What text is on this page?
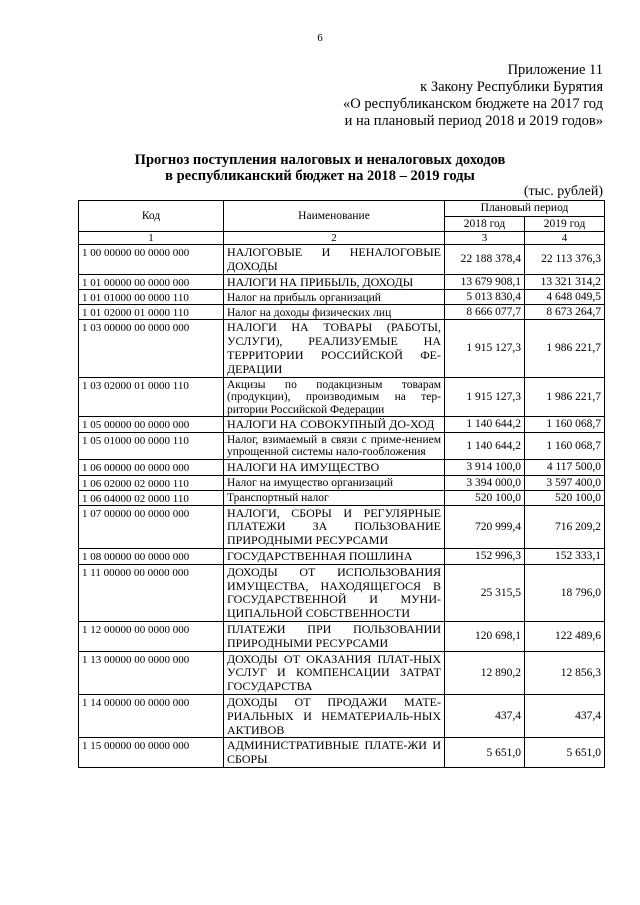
6
Приложение 11
к Закону Республики Бурятия
«О республиканском бюджете на 2017 год
и на плановый период 2018 и 2019 годов»
Прогноз поступления налоговых и неналоговых доходов
в республиканский бюджет на 2018 – 2019 годы
(тыс. рублей)
Код	Наименование	Плановый период	
		2018 год	2019 год
1	2	3	4
1 00 00000 00 0000 000	НАЛОГОВЫЕ И НЕНАЛОГОВЫЕ ДОХОДЫ	22 188 378,4	22 113 376,3
1 01 00000 00 0000 000	НАЛОГИ НА ПРИБЫЛЬ, ДОХОДЫ	13 679 908,1	13 321 314,2
1 01 01000 00 0000 110	Налог на прибыль организаций	5 013 830,4	4 648 049,5
1 01 02000 01 0000 110	Налог на доходы физических лиц	8 666 077,7	8 673 264,7
1 03 00000 00 0000 000	НАЛОГИ НА ТОВАРЫ (РАБОТЫ, УСЛУГИ), РЕАЛИЗУЕМЫЕ НА ТЕРРИТОРИИ РОССИЙСКОЙ ФЕ-ДЕРАЦИИ	1 915 127,3	1 986 221,7
1 03 02000 01 0000 110	Акцизы по подакцизным товарам (продукции), производимым на тер-ритории Российской Федерации	1 915 127,3	1 986 221,7
1 05 00000 00 0000 000	НАЛОГИ НА СОВОКУПНЫЙ ДО-ХОД	1 140 644,2	1 160 068,7
1 05 01000 00 0000 110	Налог, взимаемый в связи с приме-нением упрощенной системы нало-гообложения	1 140 644,2	1 160 068,7
1 06 00000 00 0000 000	НАЛОГИ НА ИМУЩЕСТВО	3 914 100,0	4 117 500,0
1 06 02000 02 0000 110	Налог на имущество организаций	3 394 000,0	3 597 400,0
1 06 04000 02 0000 110	Транспортный налог	520 100,0	520 100,0
1 07 00000 00 0000 000	НАЛОГИ, СБОРЫ И РЕГУЛЯРНЫЕ ПЛАТЕЖИ ЗА ПОЛЬЗОВАНИЕ ПРИРОДНЫМИ РЕСУРСАМИ	720 999,4	716 209,2
1 08 00000 00 0000 000	ГОСУДАРСТВЕННАЯ ПОШЛИНА	152 996,3	152 333,1
1 11 00000 00 0000 000	ДОХОДЫ ОТ ИСПОЛЬЗОВАНИЯ ИМУЩЕСТВА, НАХОДЯЩЕГОСЯ В ГОСУДАРСТВЕННОЙ И МУНИ-ЦИПАЛЬНОЙ СОБСТВЕННОСТИ	25 315,5	18 796,0
1 12 00000 00 0000 000	ПЛАТЕЖИ ПРИ ПОЛЬЗОВАНИИ ПРИРОДНЫМИ РЕСУРСАМИ	120 698,1	122 489,6
1 13 00000 00 0000 000	ДОХОДЫ ОТ ОКАЗАНИЯ ПЛАТ-НЫХ УСЛУГ И КОМПЕНСАЦИИ ЗАТРАТ ГОСУДАРСТВА	12 890,2	12 856,3
1 14 00000 00 0000 000	ДОХОДЫ ОТ ПРОДАЖИ МАТЕ-РИАЛЬНЫХ И НЕМАТЕРИАЛЬ-НЫХ АКТИВОВ	437,4	437,4
1 15 00000 00 0000 000	АДМИНИСТРАТИВНЫЕ ПЛАТЕ-ЖИ И СБОРЫ	5 651,0	5 651,0
